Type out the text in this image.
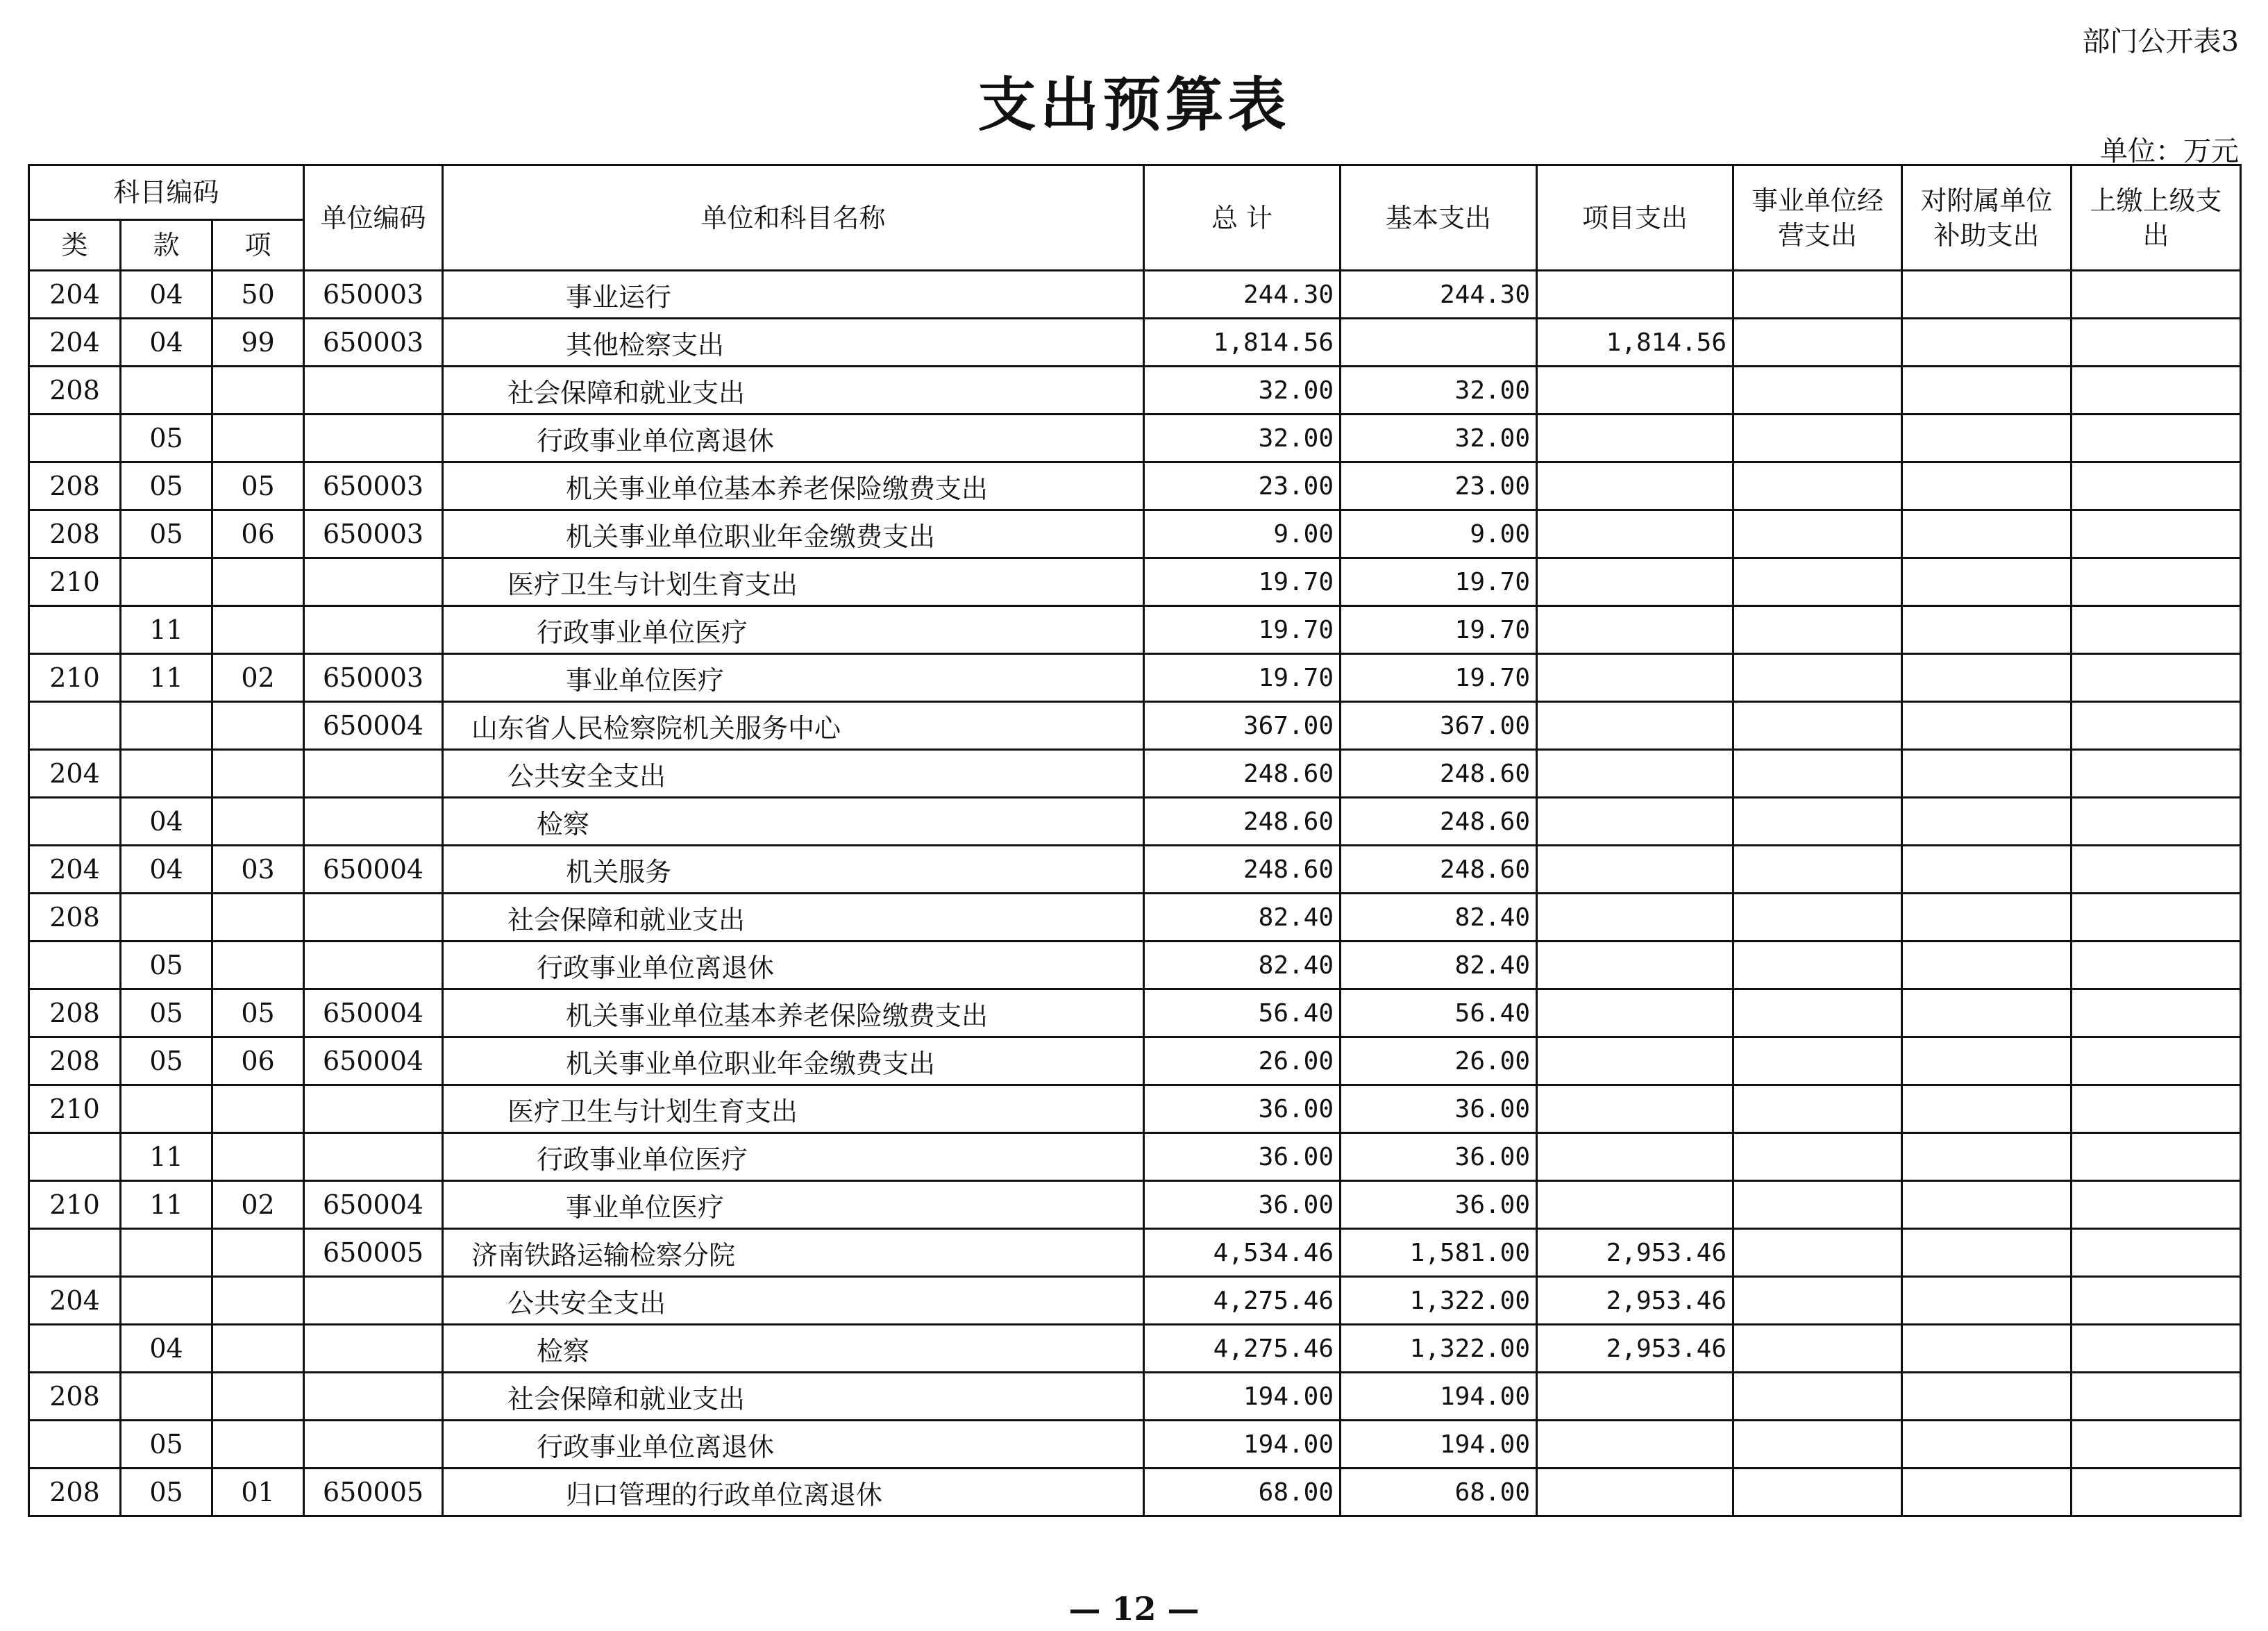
部门公开表3
支出预算表
单位：万元
科目编码			单位编码	单位和科目名称	总 计	基本支出	项目支出	事业单位经营支出	对附属单位补助支出	上缴上级支出
类	款	项								
204	04	50	650003	事业运行	244.30	244.30				
204	04	99	650003	其他检察支出	1,814.56		1,814.56			
208				社会保障和就业支出	32.00	32.00				
	05			行政事业单位离退休	32.00	32.00				
208	05	05	650003	机关事业单位基本养老保险缴费支出	23.00	23.00				
208	05	06	650003	机关事业单位职业年金缴费支出	9.00	9.00				
210				医疗卫生与计划生育支出	19.70	19.70				
	11			行政事业单位医疗	19.70	19.70				
210	11	02	650003	事业单位医疗	19.70	19.70				
			650004	山东省人民检察院机关服务中心	367.00	367.00				
204				公共安全支出	248.60	248.60				
	04			检察	248.60	248.60				
204	04	03	650004	机关服务	248.60	248.60				
208				社会保障和就业支出	82.40	82.40				
	05			行政事业单位离退休	82.40	82.40				
208	05	05	650004	机关事业单位基本养老保险缴费支出	56.40	56.40				
208	05	06	650004	机关事业单位职业年金缴费支出	26.00	26.00				
210				医疗卫生与计划生育支出	36.00	36.00				
	11			行政事业单位医疗	36.00	36.00				
210	11	02	650004	事业单位医疗	36.00	36.00				
			650005	济南铁路运输检察分院	4,534.46	1,581.00	2,953.46			
204				公共安全支出	4,275.46	1,322.00	2,953.46			
	04			检察	4,275.46	1,322.00	2,953.46			
208				社会保障和就业支出	194.00	194.00				
	05			行政事业单位离退休	194.00	194.00				
208	05	01	650005	归口管理的行政单位离退休	68.00	68.00				
— 12 —
